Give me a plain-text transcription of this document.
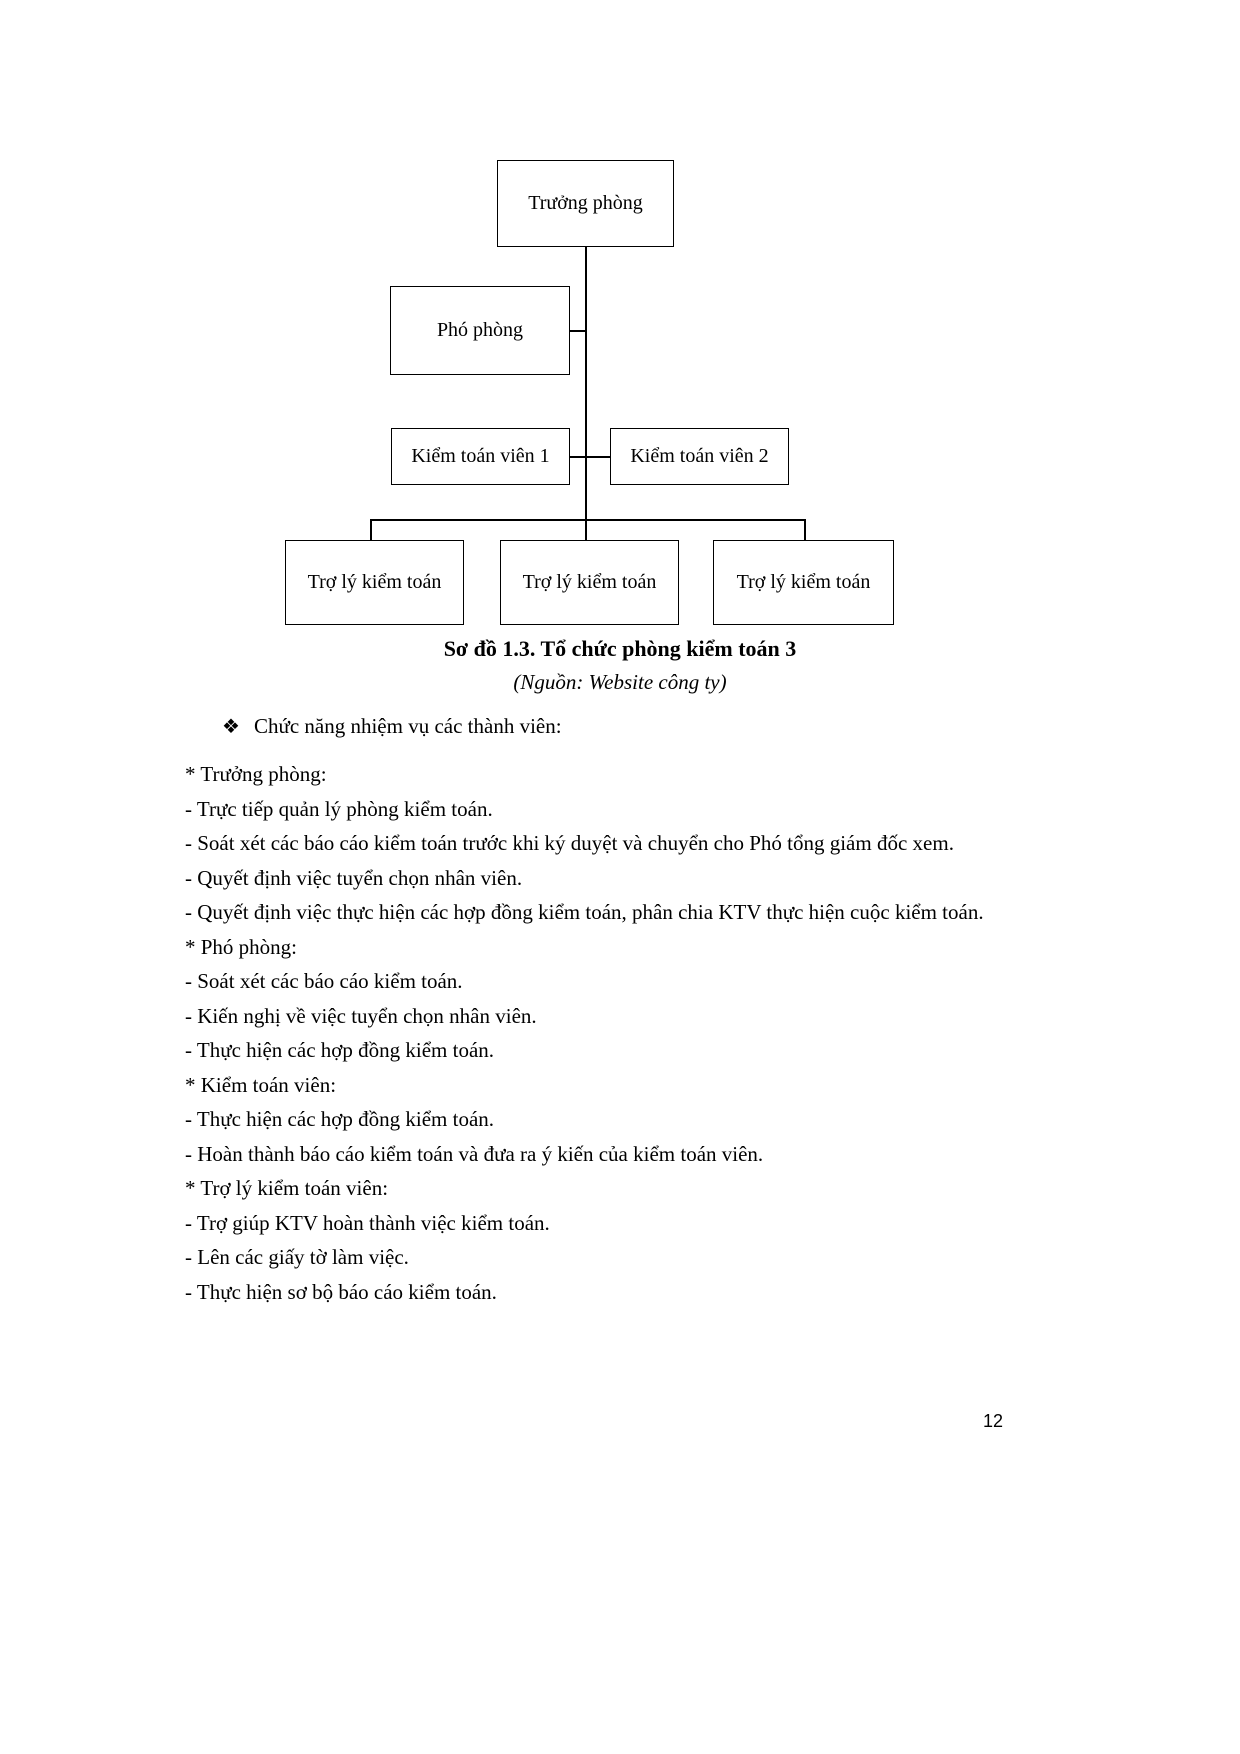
Trưởng phòng
Phó phòng
Kiểm toán viên 1	Kiểm toán viên 2
Trợ lý kiểm toán	Trợ lý kiểm toán	Trợ lý kiểm toán
Sơ đồ 1.3. Tổ chức phòng kiểm toán 3
(Nguồn: Website công ty)
❖ Chức năng nhiệm vụ các thành viên:

* Trưởng phòng:

- Trực tiếp quản lý phòng kiểm toán.

- Soát xét các báo cáo kiểm toán trước khi ký duyệt và chuyển cho Phó tổng giám đốc xem.

- Quyết định việc tuyển chọn nhân viên.

- Quyết định việc thực hiện các hợp đồng kiểm toán, phân chia KTV thực hiện cuộc kiểm toán.

* Phó phòng:

- Soát xét các báo cáo kiểm toán.

- Kiến nghị về việc tuyển chọn nhân viên.

- Thực hiện các hợp đồng kiểm toán.

* Kiểm toán viên:

- Thực hiện các hợp đồng kiểm toán.

- Hoàn thành báo cáo kiểm toán và đưa ra ý kiến của kiểm toán viên.

* Trợ lý kiểm toán viên:

- Trợ giúp KTV hoàn thành việc kiểm toán.

- Lên các giấy tờ làm việc.

- Thực hiện sơ bộ báo cáo kiểm toán.

12
